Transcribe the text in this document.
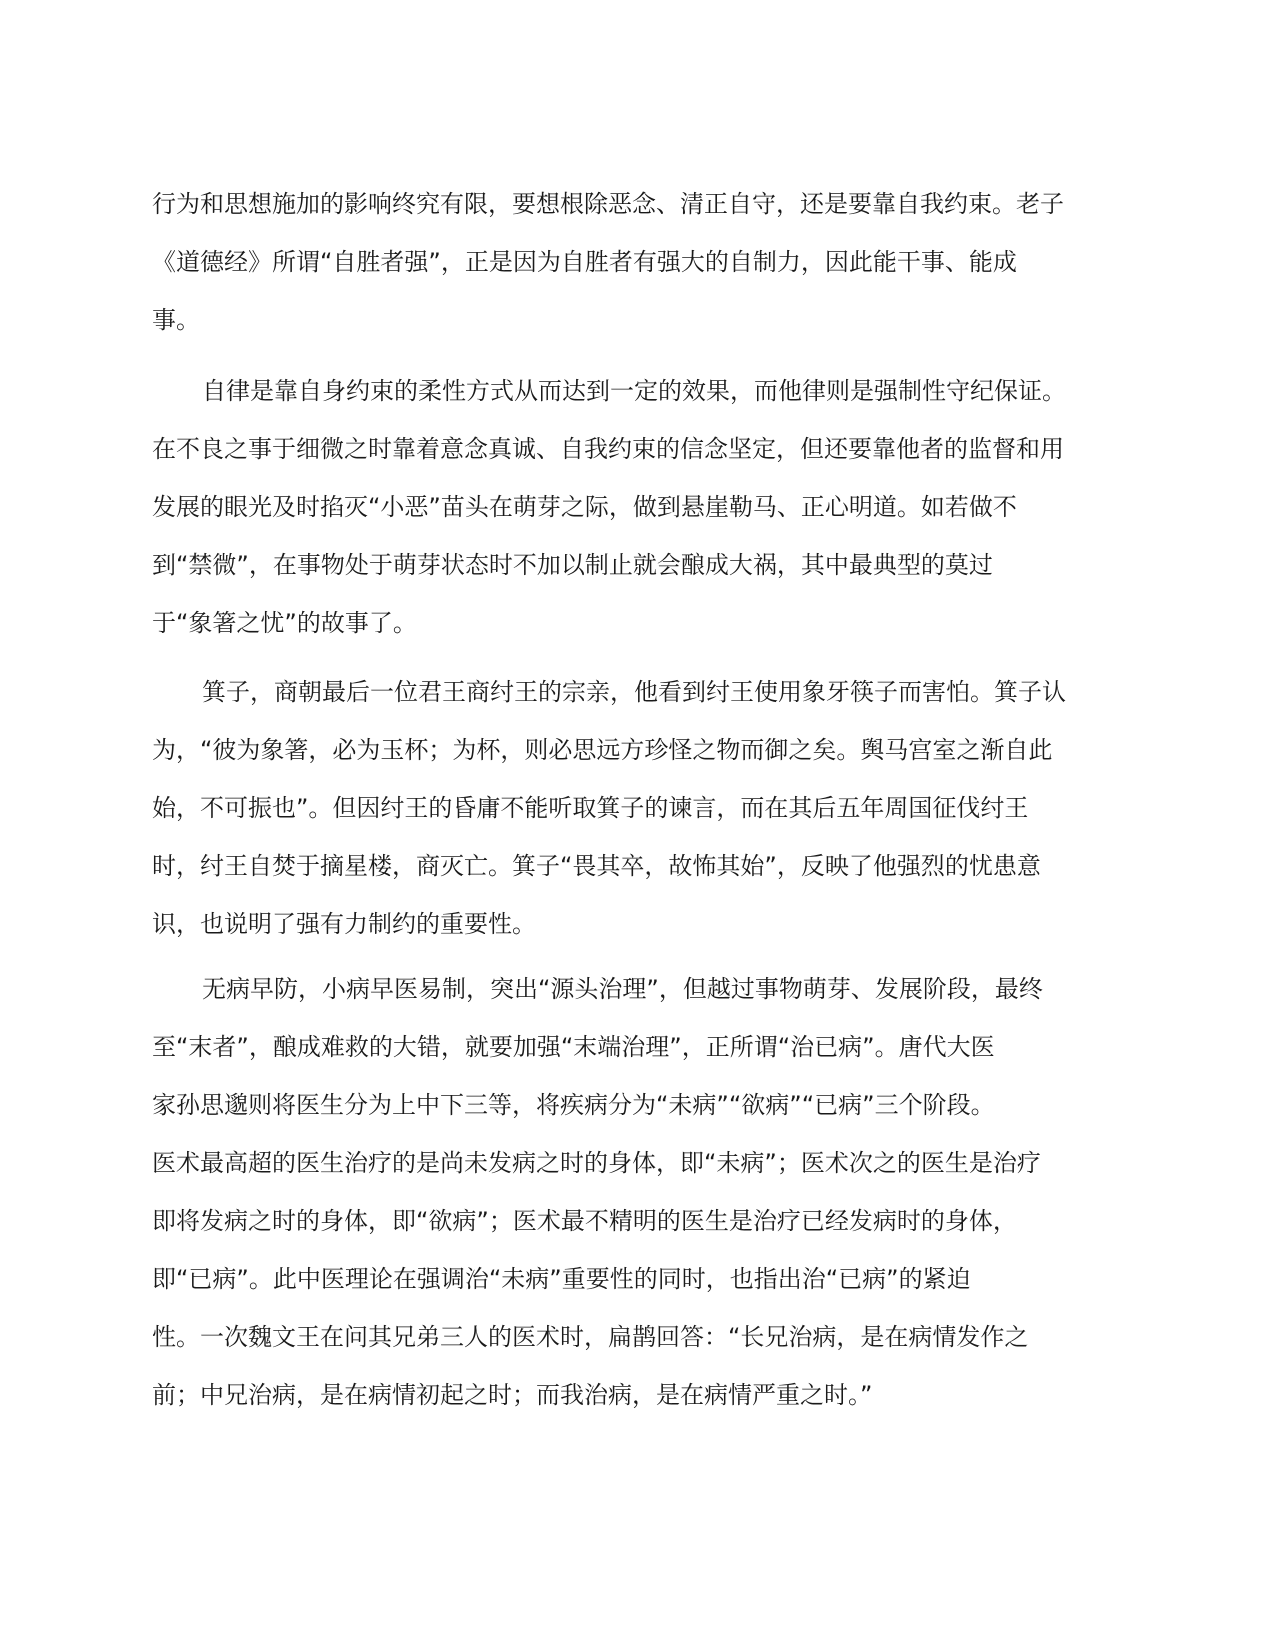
行为和思想施加的影响终究有限，要想根除恶念、清正自守，还是要靠自我约束。老子
《道德经》所谓“自胜者强”，正是因为自胜者有强大的自制力，因此能干事、能成
事。
自律是靠自身约束的柔性方式从而达到一定的效果，而他律则是强制性守纪保证。
在不良之事于细微之时靠着意念真诚、自我约束的信念坚定，但还要靠他者的监督和用
发展的眼光及时掐灭“小恶”苗头在萌芽之际，做到悬崖勒马、正心明道。如若做不
到“禁微”，在事物处于萌芽状态时不加以制止就会酿成大祸，其中最典型的莫过
于“象箸之忧”的故事了。
箕子，商朝最后一位君王商纣王的宗亲，他看到纣王使用象牙筷子而害怕。箕子认
为，“彼为象箸，必为玉杯；为杯，则必思远方珍怪之物而御之矣。舆马宫室之渐自此
始，不可振也”。但因纣王的昏庸不能听取箕子的谏言，而在其后五年周国征伐纣王
时，纣王自焚于摘星楼，商灭亡。箕子“畏其卒，故怖其始”，反映了他强烈的忧患意
识，也说明了强有力制约的重要性。
无病早防，小病早医易制，突出“源头治理”，但越过事物萌芽、发展阶段，最终
至“末者”，酿成难救的大错，就要加强“末端治理”，正所谓“治已病”。唐代大医
家孙思邈则将医生分为上中下三等，将疾病分为“未病”“欲病”“已病”三个阶段。
医术最高超的医生治疗的是尚未发病之时的身体，即“未病”；医术次之的医生是治疗
即将发病之时的身体，即“欲病”；医术最不精明的医生是治疗已经发病时的身体，
即“已病”。此中医理论在强调治“未病”重要性的同时，也指出治“已病”的紧迫
性。一次魏文王在问其兄弟三人的医术时，扁鹊回答：“长兄治病，是在病情发作之
前；中兄治病，是在病情初起之时；而我治病，是在病情严重之时。”
